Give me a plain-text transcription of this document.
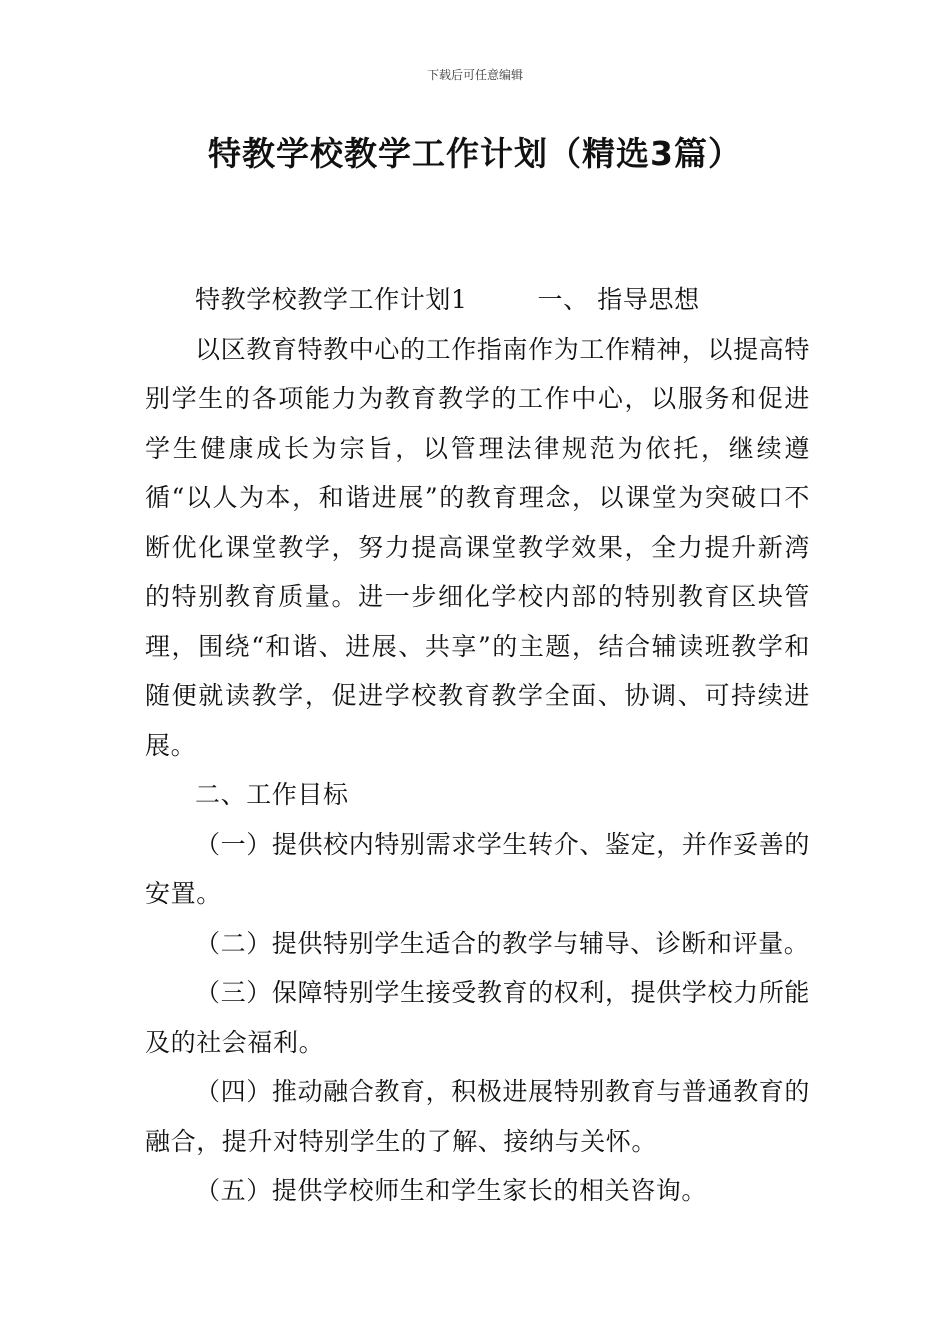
下载后可任意编辑
特教学校教学工作计划（精选3篇）

特教学校教学工作计划1	一、 指导思想

以区教育特教中心的工作指南作为工作精神，以提高特别学生的各项能力为教育教学的工作中心，以服务和促进学生健康成长为宗旨，以管理法律规范为依托，继续遵循“以人为本，和谐进展”的教育理念，以课堂为突破口不断优化课堂教学，努力提高课堂教学效果，全力提升新湾的特别教育质量。进一步细化学校内部的特别教育区块管理，围绕“和谐、进展、共享”的主题，结合辅读班教学和随便就读教学，促进学校教育教学全面、协调、可持续进展。

二、工作目标

（一）提供校内特别需求学生转介、鉴定，并作妥善的安置。

（二）提供特别学生适合的教学与辅导、诊断和评量。

（三）保障特别学生接受教育的权利，提供学校力所能及的社会福利。

（四）推动融合教育，积极进展特别教育与普通教育的融合，提升对特别学生的了解、接纳与关怀。

（五）提供学校师生和学生家长的相关咨询。
